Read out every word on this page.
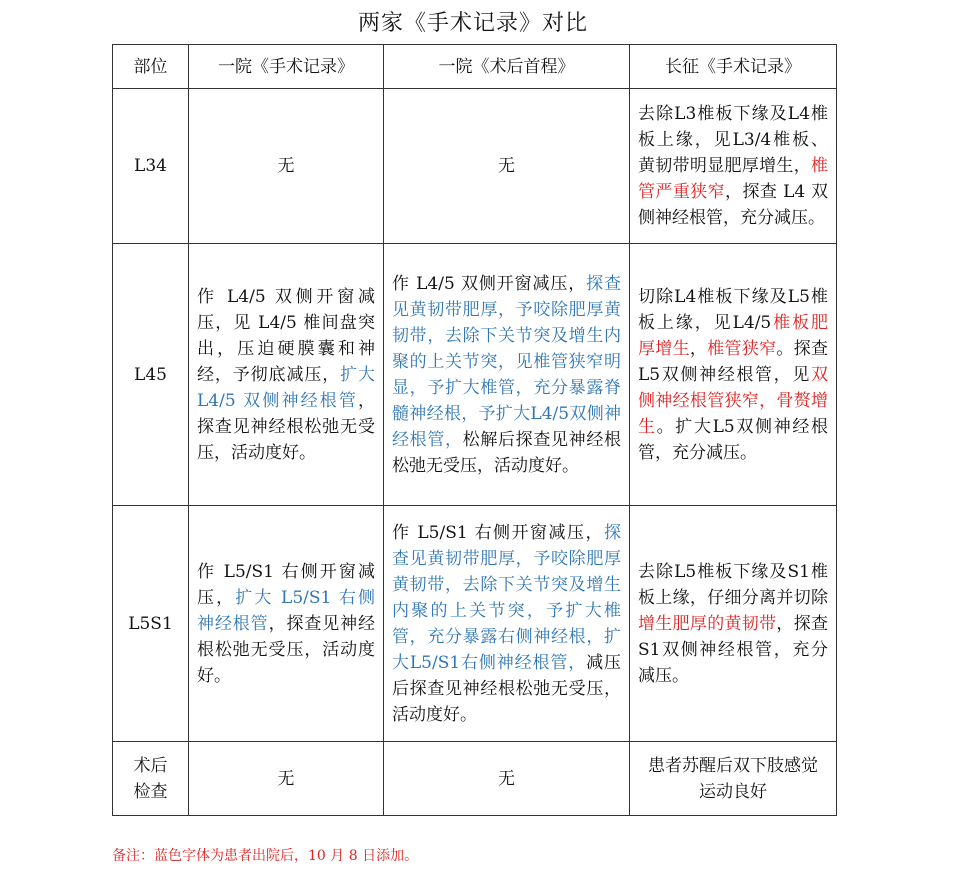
两家《手术记录》对比
部位	一院《手术记录》	一院《术后首程》	长征《手术记录》
L34	无	无	去除L3椎板下缘及L4椎板上缘，见L3/4椎板、黄韧带明显肥厚增生，椎管严重狭窄，探查 L4 双侧神经根管，充分减压。
L45	作 L4/5 双侧开窗减压，见 L4/5 椎间盘突出，压迫硬膜囊和神经，予彻底减压，扩大 L4/5 双侧神经根管，探查见神经根松弛无受压，活动度好。	作 L4/5 双侧开窗减压，探查见黄韧带肥厚，予咬除肥厚黄韧带，去除下关节突及增生内聚的上关节突，见椎管狭窄明显，予扩大椎管，充分暴露脊髓神经根，予扩大L4/5双侧神经根管，松解后探查见神经根松弛无受压，活动度好。	切除L4椎板下缘及L5椎板上缘，见L4/5椎板肥厚增生，椎管狭窄。探查L5双侧神经根管，见双侧神经根管狭窄，骨赘增生。扩大L5双侧神经根管，充分减压。
L5S1	作 L5/S1 右侧开窗减压，扩大 L5/S1 右侧神经根管，探查见神经根松弛无受压，活动度好。	作 L5/S1 右侧开窗减压，探查见黄韧带肥厚，予咬除肥厚黄韧带，去除下关节突及增生内聚的上关节突，予扩大椎管，充分暴露右侧神经根，扩大L5/S1右侧神经根管，减压后探查见神经根松弛无受压，活动度好。	去除L5椎板下缘及S1椎板上缘，仔细分离并切除增生肥厚的黄韧带，探查S1双侧神经根管，充分减压。
术后检查	无	无	患者苏醒后双下肢感觉运动良好
备注：蓝色字体为患者出院后，10 月 8 日添加。
